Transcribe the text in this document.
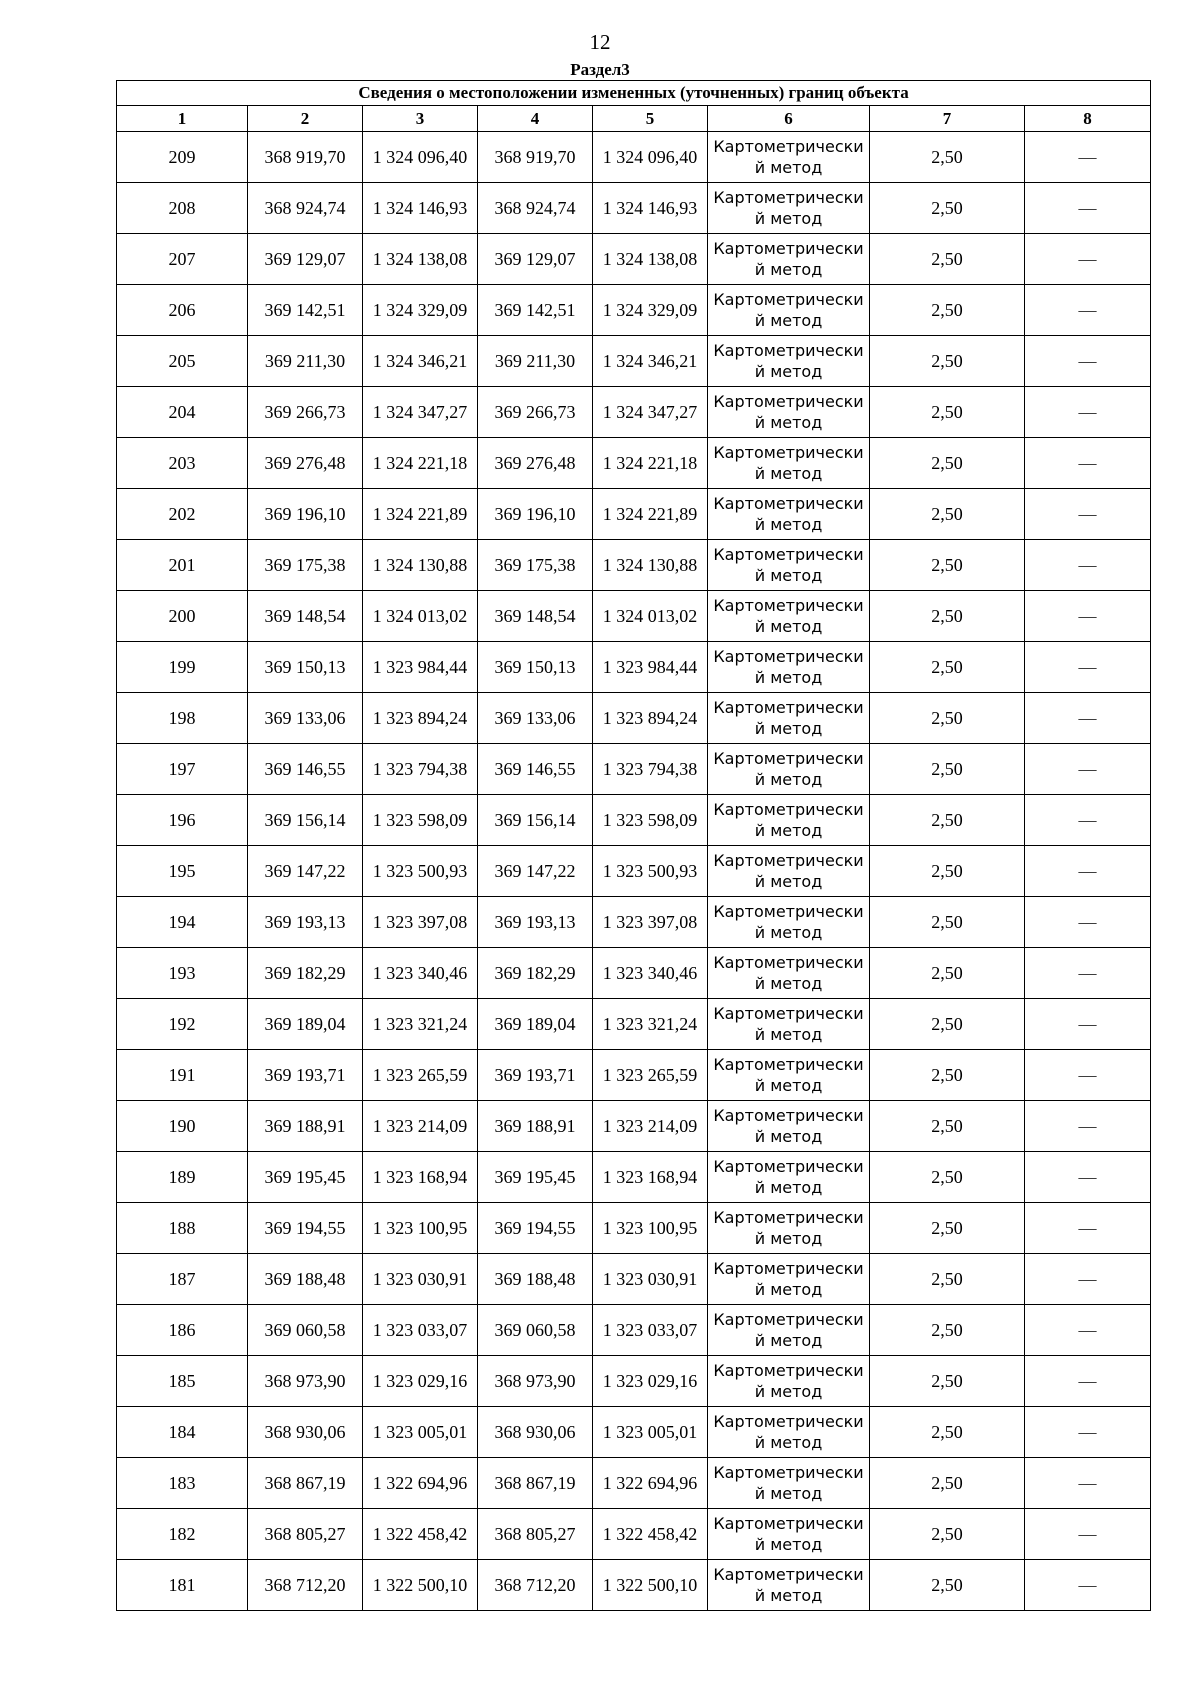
12
Раздел3
Сведения о местоположении измененных (уточненных) границ объекта							
1	2	3	4	5	6	7	8
209	368 919,70	1 324 096,40	368 919,70	1 324 096,40	Картометрически й метод	2,50	—
208	368 924,74	1 324 146,93	368 924,74	1 324 146,93	Картометрически й метод	2,50	—
207	369 129,07	1 324 138,08	369 129,07	1 324 138,08	Картометрически й метод	2,50	—
206	369 142,51	1 324 329,09	369 142,51	1 324 329,09	Картометрически й метод	2,50	—
205	369 211,30	1 324 346,21	369 211,30	1 324 346,21	Картометрически й метод	2,50	—
204	369 266,73	1 324 347,27	369 266,73	1 324 347,27	Картометрически й метод	2,50	—
203	369 276,48	1 324 221,18	369 276,48	1 324 221,18	Картометрически й метод	2,50	—
202	369 196,10	1 324 221,89	369 196,10	1 324 221,89	Картометрически й метод	2,50	—
201	369 175,38	1 324 130,88	369 175,38	1 324 130,88	Картометрически й метод	2,50	—
200	369 148,54	1 324 013,02	369 148,54	1 324 013,02	Картометрически й метод	2,50	—
199	369 150,13	1 323 984,44	369 150,13	1 323 984,44	Картометрически й метод	2,50	—
198	369 133,06	1 323 894,24	369 133,06	1 323 894,24	Картометрически й метод	2,50	—
197	369 146,55	1 323 794,38	369 146,55	1 323 794,38	Картометрически й метод	2,50	—
196	369 156,14	1 323 598,09	369 156,14	1 323 598,09	Картометрически й метод	2,50	—
195	369 147,22	1 323 500,93	369 147,22	1 323 500,93	Картометрически й метод	2,50	—
194	369 193,13	1 323 397,08	369 193,13	1 323 397,08	Картометрически й метод	2,50	—
193	369 182,29	1 323 340,46	369 182,29	1 323 340,46	Картометрически й метод	2,50	—
192	369 189,04	1 323 321,24	369 189,04	1 323 321,24	Картометрически й метод	2,50	—
191	369 193,71	1 323 265,59	369 193,71	1 323 265,59	Картометрически й метод	2,50	—
190	369 188,91	1 323 214,09	369 188,91	1 323 214,09	Картометрически й метод	2,50	—
189	369 195,45	1 323 168,94	369 195,45	1 323 168,94	Картометрически й метод	2,50	—
188	369 194,55	1 323 100,95	369 194,55	1 323 100,95	Картометрически й метод	2,50	—
187	369 188,48	1 323 030,91	369 188,48	1 323 030,91	Картометрически й метод	2,50	—
186	369 060,58	1 323 033,07	369 060,58	1 323 033,07	Картометрически й метод	2,50	—
185	368 973,90	1 323 029,16	368 973,90	1 323 029,16	Картометрически й метод	2,50	—
184	368 930,06	1 323 005,01	368 930,06	1 323 005,01	Картометрически й метод	2,50	—
183	368 867,19	1 322 694,96	368 867,19	1 322 694,96	Картометрически й метод	2,50	—
182	368 805,27	1 322 458,42	368 805,27	1 322 458,42	Картометрически й метод	2,50	—
181	368 712,20	1 322 500,10	368 712,20	1 322 500,10	Картометрически й метод	2,50	—
